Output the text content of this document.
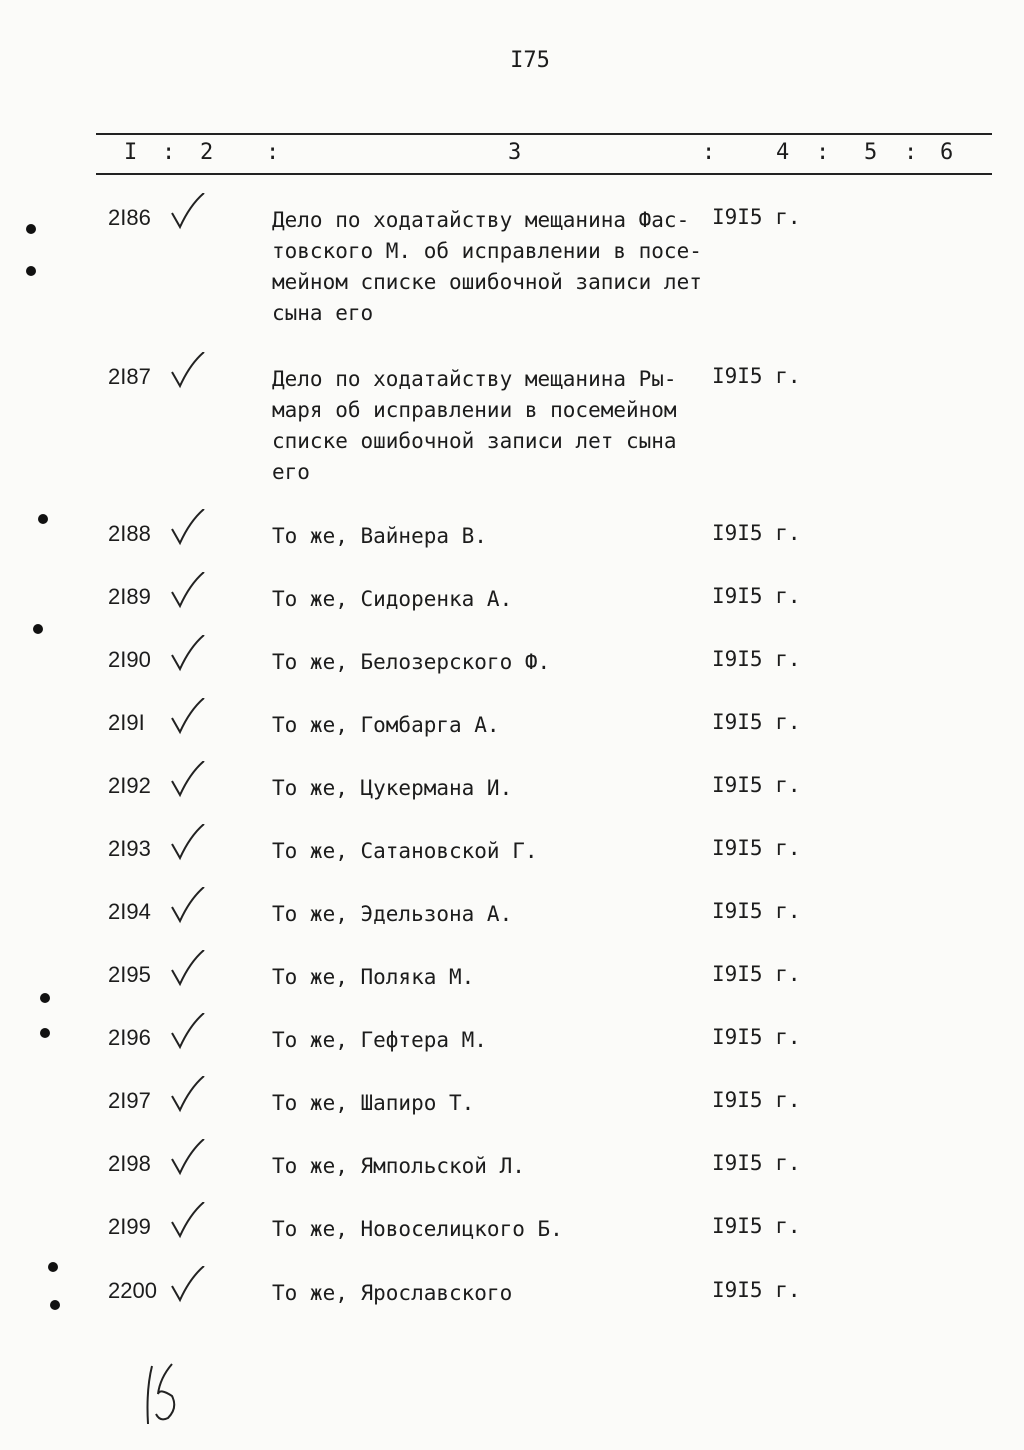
I75
I : 2 :	3	:	4 : 5 : 6
2I86	Дело по ходатайству мещанина Фас-
товского М. об исправлении в посе-
мейном списке ошибочной записи лет
сына его
I9I5 г.
2I87	Дело по ходатайству мещанина Ры-
маря об исправлении в посемейном
списке ошибочной записи лет сына
его
I9I5 г.
2I88	То же, Вайнера В.	I9I5 г.
2I89	То же, Сидоренка А.	I9I5 г.
2I90	То же, Белозерского Ф.	I9I5 г.
2I9I	То же, Гомбарга А.	I9I5 г.
2I92	То же, Цукермана И.	I9I5 г.
2I93	То же, Сатановской Г.	I9I5 г.
2I94	То же, Эдельзона А.	I9I5 г.
2I95	То же, Поляка М.	I9I5 г.
2I96	То же, Гефтера М.	I9I5 г.
2I97	То же, Шапиро Т.	I9I5 г.
2I98	То же, Ямпольской Л.	I9I5 г.
2I99	То же, Новоселицкого Б.	I9I5 г.
2200	То же, Ярославского	I9I5 г.
